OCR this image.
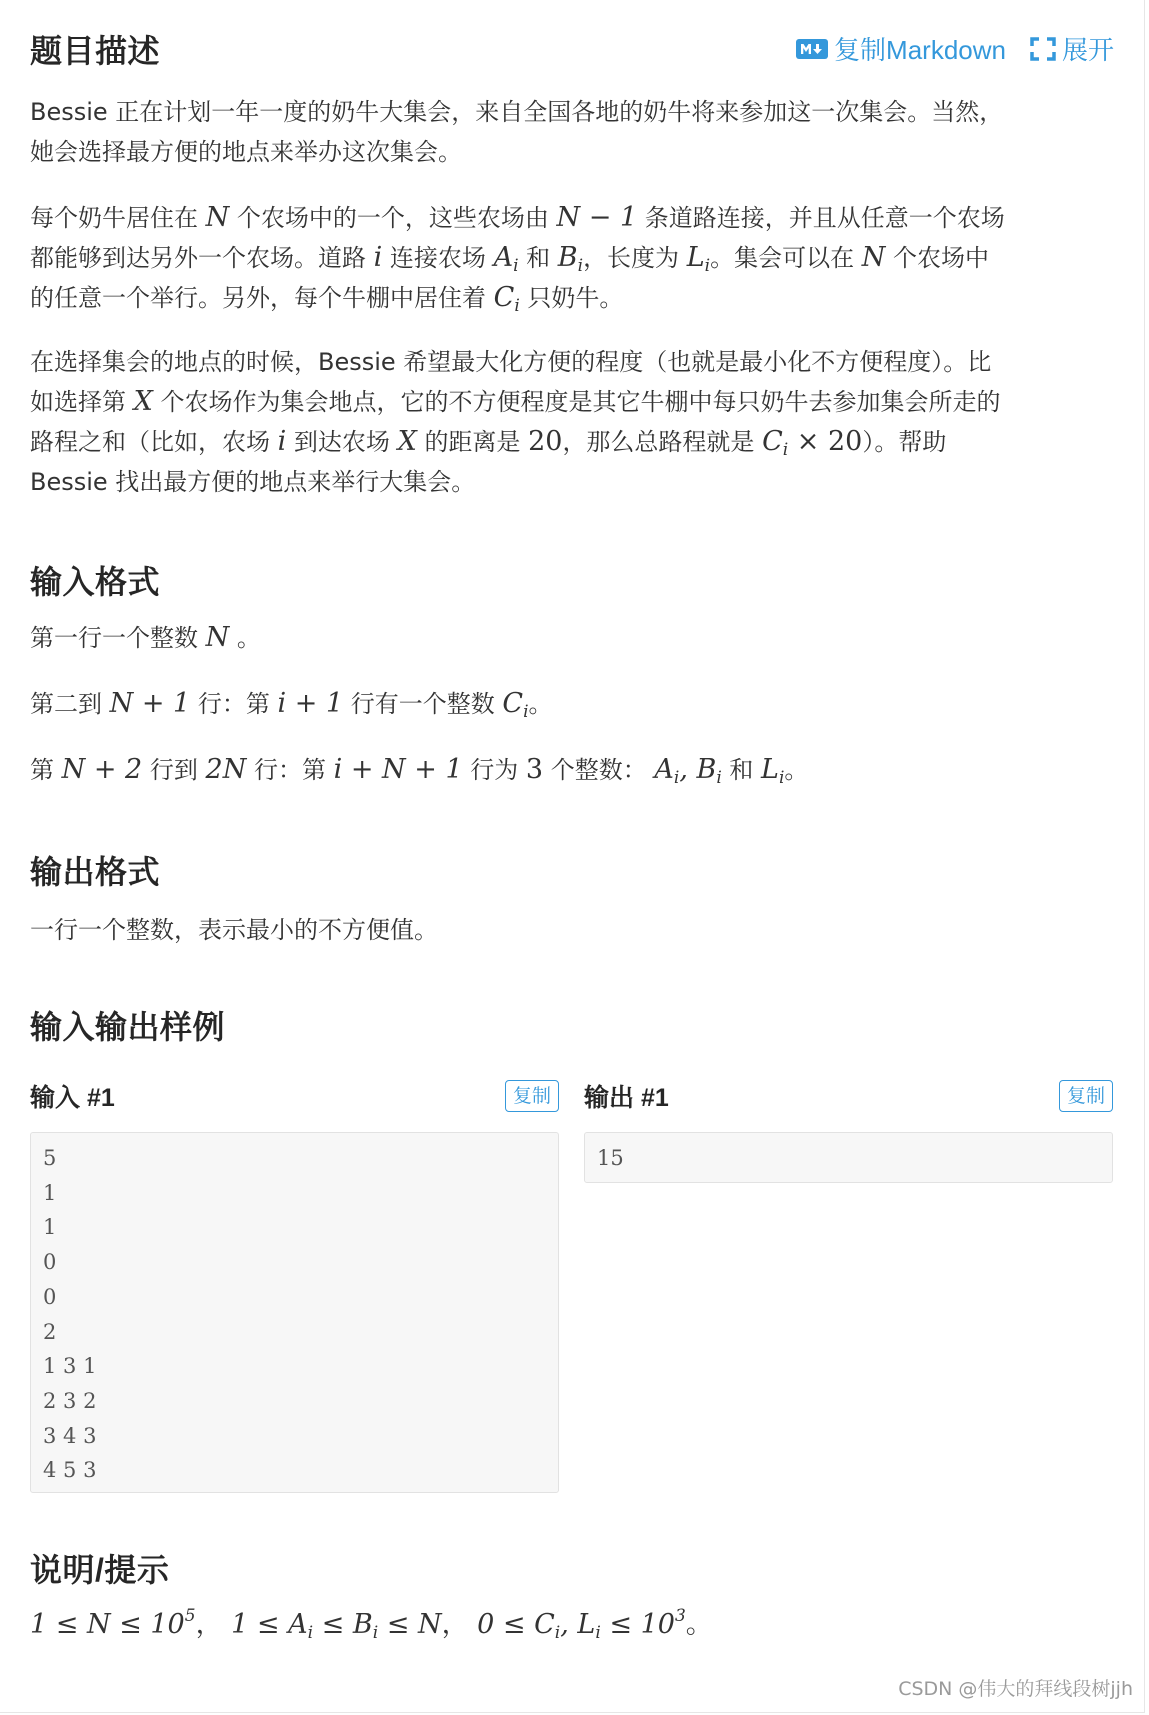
复制Markdown 展开
题目描述

Bessie 正在计划一年一度的奶牛大集会，来自全国各地的奶牛将来参加这一次集会。当然，
她会选择最方便的地点来举办这次集会。

每个奶牛居住在 N 个农场中的一个，这些农场由 N − 1 条道路连接，并且从任意一个农场
都能够到达另外一个农场。道路 i 连接农场 $A_i$ 和 $B_i$，长度为 $L_i$。集会可以在 N 个农场中
的任意一个举行。另外，每个牛棚中居住着 $C_i$ 只奶牛。

在选择集会的地点的时候，Bessie 希望最大化方便的程度（也就是最小化不方便程度）。比
如选择第 X 个农场作为集会地点，它的不方便程度是其它牛棚中每只奶牛去参加集会所走的
路程之和（比如，农场 i 到达农场 X 的距离是 20，那么总路程就是 $C_i \times 20$）。帮助
Bessie 找出最方便的地点来举行大集会。

输入格式

第一行一个整数 N 。

第二到 N + 1 行：第 i + 1 行有一个整数 $C_i$。

第 N + 2 行到 2N 行：第 i + N + 1 行为 3 个整数： $A_i$, $B_i$ 和 $L_i$。

输出格式

一行一个整数，表示最小的不方便值。

输入输出样例
输入 #1	复制
5
1
1
0
0
2
1 3 1
2 3 2
3 4 3
4 5 3
输出 #1	复制
15
说明/提示

$1 \le N \le 10^5$， $1 \le A_i \le B_i \le N$， $0 \le C_i$, $L_i \le 10^3$。

CSDN @伟大的拜线段树jjh
